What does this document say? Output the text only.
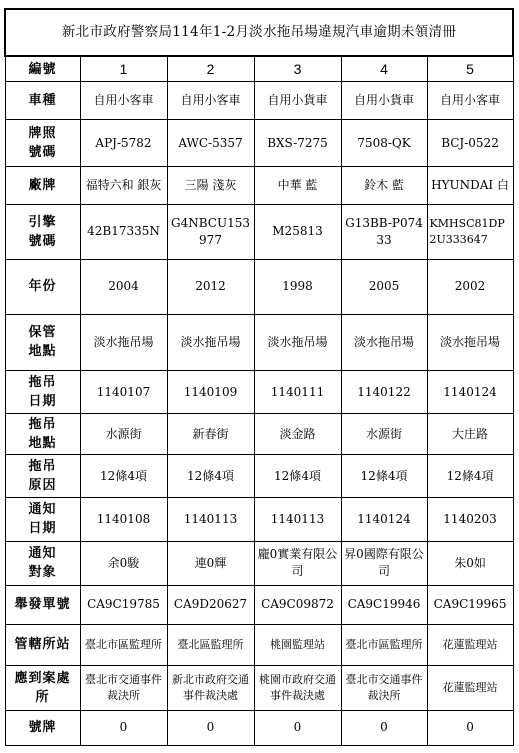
新北市政府警察局114年1-2月淡水拖吊場違規汽車逾期未領清冊					
編號	1	2	3	4	5
車種	自用小客車	自用小客車	自用小貨車	自用小貨車	自用小客車
牌照
號碼	APJ-5782	AWC-5357	BXS-7275	7508-QK	BCJ-0522
廠牌	福特六和 銀灰	三陽 淺灰	中華 藍	鈴木 藍	HYUNDAI 白
引擎
號碼	42B17335N	G4NBCU153977	M25813	G13BB-P07433	KMHSC81DP2U333647
年份	2004	2012	1998	2005	2002
保管
地點	淡水拖吊場	淡水拖吊場	淡水拖吊場	淡水拖吊場	淡水拖吊場
拖吊
日期	1140107	1140109	1140111	1140122	1140124
拖吊
地點	水源街	新春街	淡金路	水源街	大庄路
拖吊
原因	12條4項	12條4項	12條4項	12條4項	12條4項
通知
日期	1140108	1140113	1140113	1140124	1140203
通知
對象	余0駿	連0輝	龐0實業有限公司	昇0國際有限公司	朱0如
舉發單號	CA9C19785	CA9D20627	CA9C09872	CA9C19946	CA9C19965
管轄所站	臺北市區監理所	臺北區監理所	桃園監理站	臺北市區監理所	花蓮監理站
應到案處
所	臺北市交通事件裁決所	新北市政府交通事件裁決處	桃園市政府交通事件裁決處	臺北市交通事件裁決所	花蓮監理站
號牌	0	0	0	0	0
